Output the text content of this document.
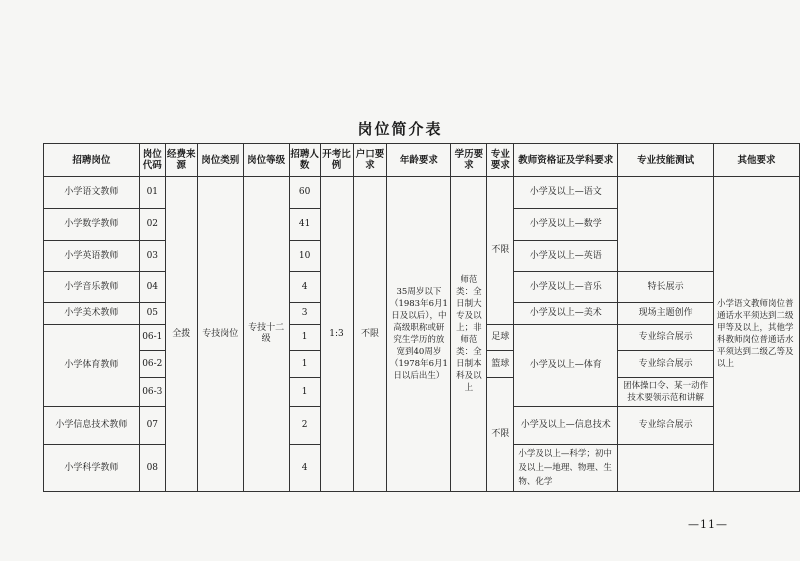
岗位简介表
招聘岗位	岗位代码	经费来源	岗位类别	岗位等级	招聘人数	开考比例	户口要求	年龄要求	学历要求	专业要求	教师资格证及学科要求	专业技能测试	其他要求
小学语文教师	01	全拨	专技岗位	专技十二级	60	1:3	不限	35周岁以下（1983年6月1日及以后），中高级职称或研究生学历的放宽到40周岁（1978年6月1日以后出生）	师范类：全日制大专及以上；非师范类：全日制本科及以上	不限	小学及以上—语文		小学语文教师岗位普通话水平须达到二级甲等及以上，其他学科教师岗位普通话水平须达到二级乙等及以上
小学数学教师	02				41						小学及以上—数学		
小学英语教师	03				10						小学及以上—英语		
小学音乐教师	04				4						小学及以上—音乐	特长展示	
小学美术教师	05				3						小学及以上—美术	现场主题创作	
小学体育教师	06-1				1					足球	小学及以上—体育	专业综合展示	
	06-2				1					篮球		专业综合展示	
	06-3				1					不限		团体操口令、某一动作技术要领示范和讲解	
小学信息技术教师	07				2						小学及以上—信息技术	专业综合展示	
小学科学教师	08				4						小学及以上—科学；初中及以上—地理、物理、生物、化学		
—11—
